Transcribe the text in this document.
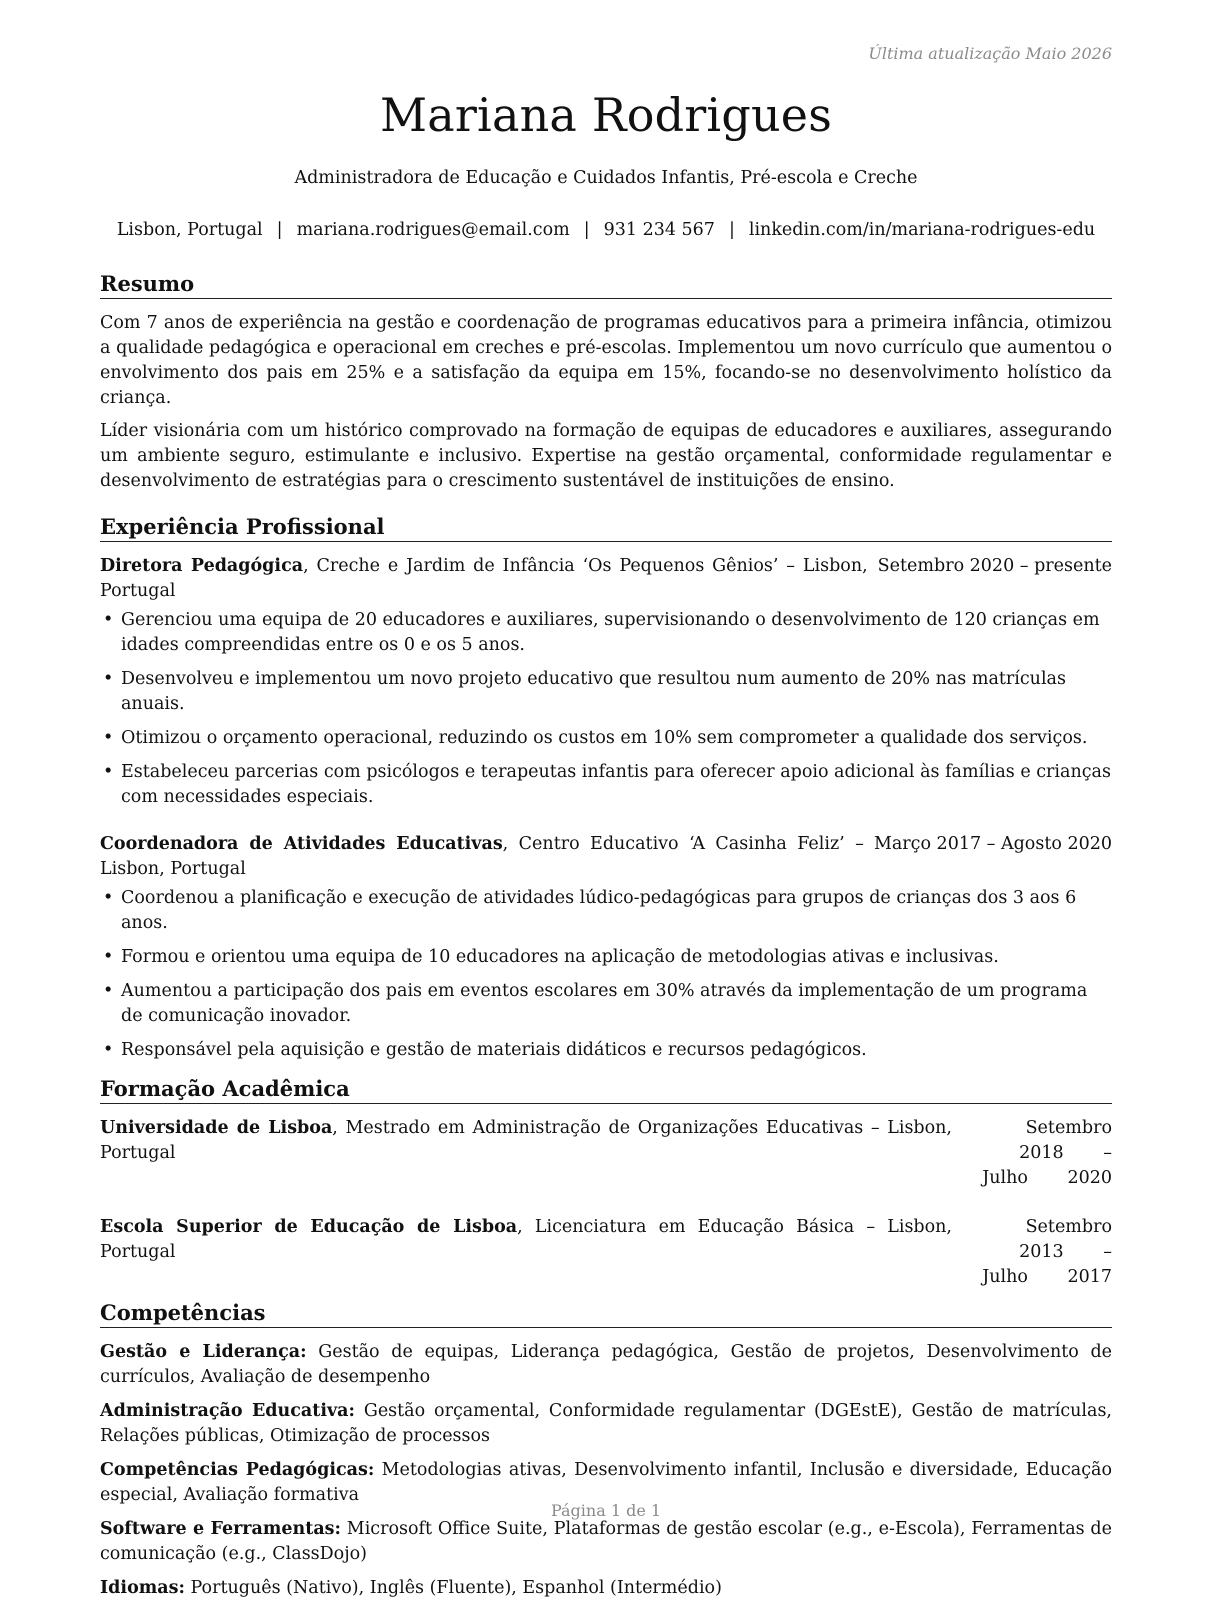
Última atualização Maio 2026
Mariana Rodrigues
Administradora de Educação e Cuidados Infantis, Pré-escola e Creche
Lisbon, Portugal | mariana.rodrigues@email.com | 931 234 567 | linkedin.com/in/mariana-rodrigues-edu
Resumo

Com 7 anos de experiência na gestão e coordenação de programas educativos para a primeira infância, otimizou a qualidade pedagógica e operacional em creches e pré-escolas. Implementou um novo currículo que aumentou o envolvimento dos pais em 25% e a satisfação da equipa em 15%, focando-se no desenvolvimento holístico da criança.

Líder visionária com um histórico comprovado na formação de equipas de educadores e auxiliares, assegurando um ambiente seguro, estimulante e inclusivo. Expertise na gestão orçamental, conformidade regulamentar e desenvolvimento de estratégias para o crescimento sustentável de instituições de ensino.

Experiência Profissional
Diretora Pedagógica, Creche e Jardim de Infância ‘Os Pequenos Gênios’ – Lisbon, Portugal
Setembro 2020 – presente
• Gerenciou uma equipa de 20 educadores e auxiliares, supervisionando o desenvolvimento de 120 crianças em idades compreendidas entre os 0 e os 5 anos.
• Desenvolveu e implementou um novo projeto educativo que resultou num aumento de 20% nas matrículas anuais.
• Otimizou o orçamento operacional, reduzindo os custos em 10% sem comprometer a qualidade dos serviços.
• Estabeleceu parcerias com psicólogos e terapeutas infantis para oferecer apoio adicional às famílias e crianças com necessidades especiais.
Coordenadora de Atividades Educativas, Centro Educativo ‘A Casinha Feliz’ – Lisbon, Portugal
Março 2017 – Agosto 2020
• Coordenou a planificação e execução de atividades lúdico-pedagógicas para grupos de crianças dos 3 aos 6 anos.
• Formou e orientou uma equipa de 10 educadores na aplicação de metodologias ativas e inclusivas.
• Aumentou a participação dos pais em eventos escolares em 30% através da implementação de um programa de comunicação inovador.
• Responsável pela aquisição e gestão de materiais didáticos e recursos pedagógicos.
Formação Acadêmica
Universidade de Lisboa, Mestrado em Administração de Organizações Educativas – Lisbon, Portugal
Setembro 2018 – Julho 2020
Escola Superior de Educação de Lisboa, Licenciatura em Educação Básica – Lisbon, Portugal
Setembro 2013 – Julho 2017
Competências

Gestão e Liderança: Gestão de equipas, Liderança pedagógica, Gestão de projetos, Desenvolvimento de currículos, Avaliação de desempenho

Administração Educativa: Gestão orçamental, Conformidade regulamentar (DGEstE), Gestão de matrículas, Relações públicas, Otimização de processos

Competências Pedagógicas: Metodologias ativas, Desenvolvimento infantil, Inclusão e diversidade, Educação especial, Avaliação formativa

Software e Ferramentas: Microsoft Office Suite, Plataformas de gestão escolar (e.g., e-Escola), Ferramentas de comunicação (e.g., ClassDojo)

Idiomas: Português (Nativo), Inglês (Fluente), Espanhol (Intermédio)

Página 1 de 1
